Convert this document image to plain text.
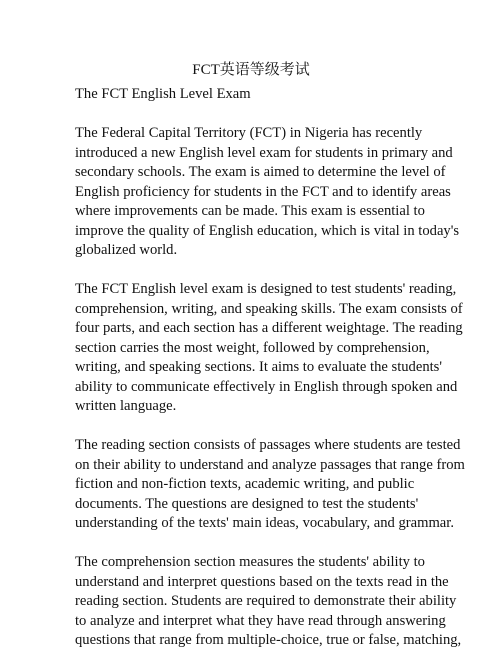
FCT英语等级考试

The FCT English Level Exam

The Federal Capital Territory (FCT) in Nigeria has recently
introduced a new English level exam for students in primary and
secondary schools. The exam is aimed to determine the level of
English proficiency for students in the FCT and to identify areas
where improvements can be made. This exam is essential to
improve the quality of English education, which is vital in today's
globalized world.

The FCT English level exam is designed to test students' reading,
comprehension, writing, and speaking skills. The exam consists of
four parts, and each section has a different weightage. The reading
section carries the most weight, followed by comprehension,
writing, and speaking sections. It aims to evaluate the students'
ability to communicate effectively in English through spoken and
written language.

The reading section consists of passages where students are tested
on their ability to understand and analyze passages that range from
fiction and non-fiction texts, academic writing, and public
documents. The questions are designed to test the students'
understanding of the texts' main ideas, vocabulary, and grammar.

The comprehension section measures the students' ability to
understand and interpret questions based on the texts read in the
reading section. Students are required to demonstrate their ability
to analyze and interpret what they have read through answering
questions that range from multiple-choice, true or false, matching,
